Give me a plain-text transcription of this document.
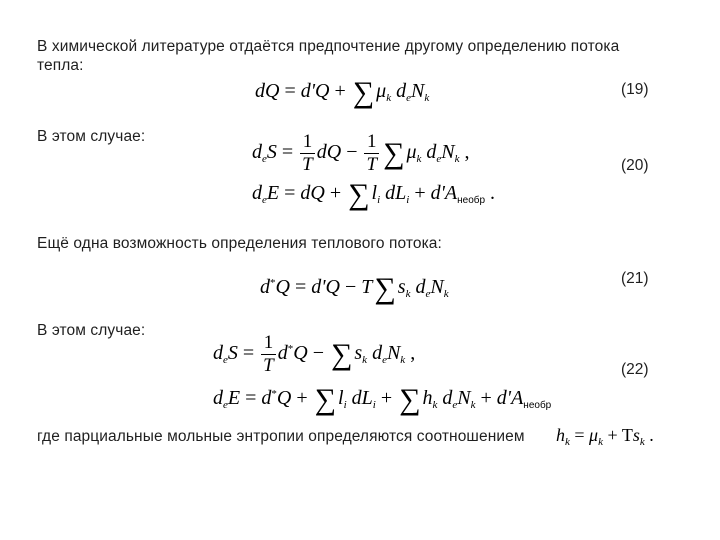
В химической литературе отдаётся предпочтение другому определению потока
тепла:
dQ = d'Q + ∑ $\mu_k$ $d_eN_k$	(19)
В этом случае:
$d_eS = \frac{1}{T}$ dQ − $\frac{1}{T}$ ∑ $\mu_k$ $d_eN_k$ ,
(20)
$d_eE$ = dQ + ∑ $l_i$ $dL_i + d'A_{необр}$ .
Ещё одна возможность определения теплового потока:
d*Q = d'Q − T∑ $s_k$ $d_eN_k$
(21)
В этом случае:
$d_eS = \frac{1}{T} d^*Q$ − ∑ $s_k$ $d_eN_k$ ,
(22)
$d_eE = d^*Q$ + ∑ $l_i$ $dL_i$ + ∑ $h_k$ $d_eN_k + d'A_{необр}$
где парциальные мольные энтропии определяются соотношением $h_k = \mu_k + Ts_k$ .
